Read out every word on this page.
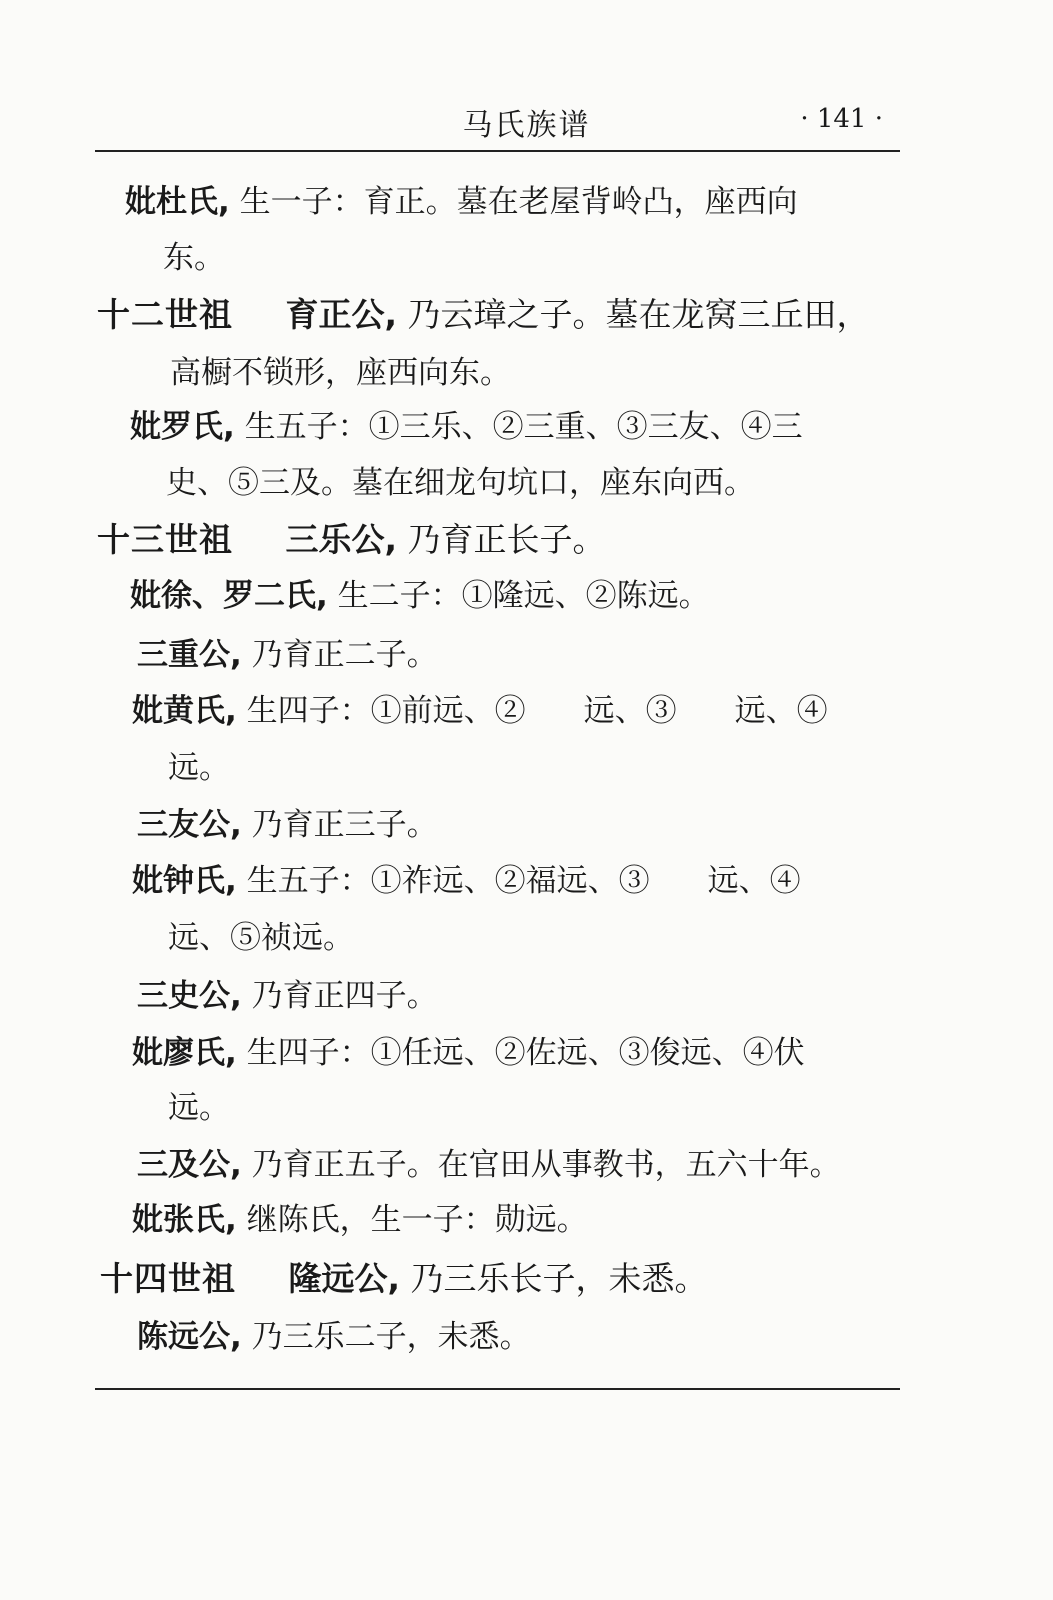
马氏族谱	· 141 ·
妣杜氏, 生一子：育正。墓在老屋背岭凸，座西向
东。
十二世祖 育正公, 乃云璋之子。墓在龙窝三丘田，
高橱不锁形，座西向东。
妣罗氏, 生五子：①三乐、②三重、③三友、④三
史、⑤三及。墓在细龙句坑口，座东向西。
十三世祖 三乐公, 乃育正长子。
妣徐、罗二氏, 生二子：①隆远、②陈远。
三重公, 乃育正二子。
妣黄氏, 生四子：①前远、② 远、③ 远、④
远。
三友公, 乃育正三子。
妣钟氏, 生五子：①祚远、②福远、③ 远、④
远、⑤祯远。
三史公, 乃育正四子。
妣廖氏, 生四子：①任远、②佐远、③俊远、④伏
远。
三及公, 乃育正五子。在官田从事教书，五六十年。
妣张氏, 继陈氏，生一子：勋远。
十四世祖 隆远公, 乃三乐长子，未悉。
陈远公, 乃三乐二子，未悉。
